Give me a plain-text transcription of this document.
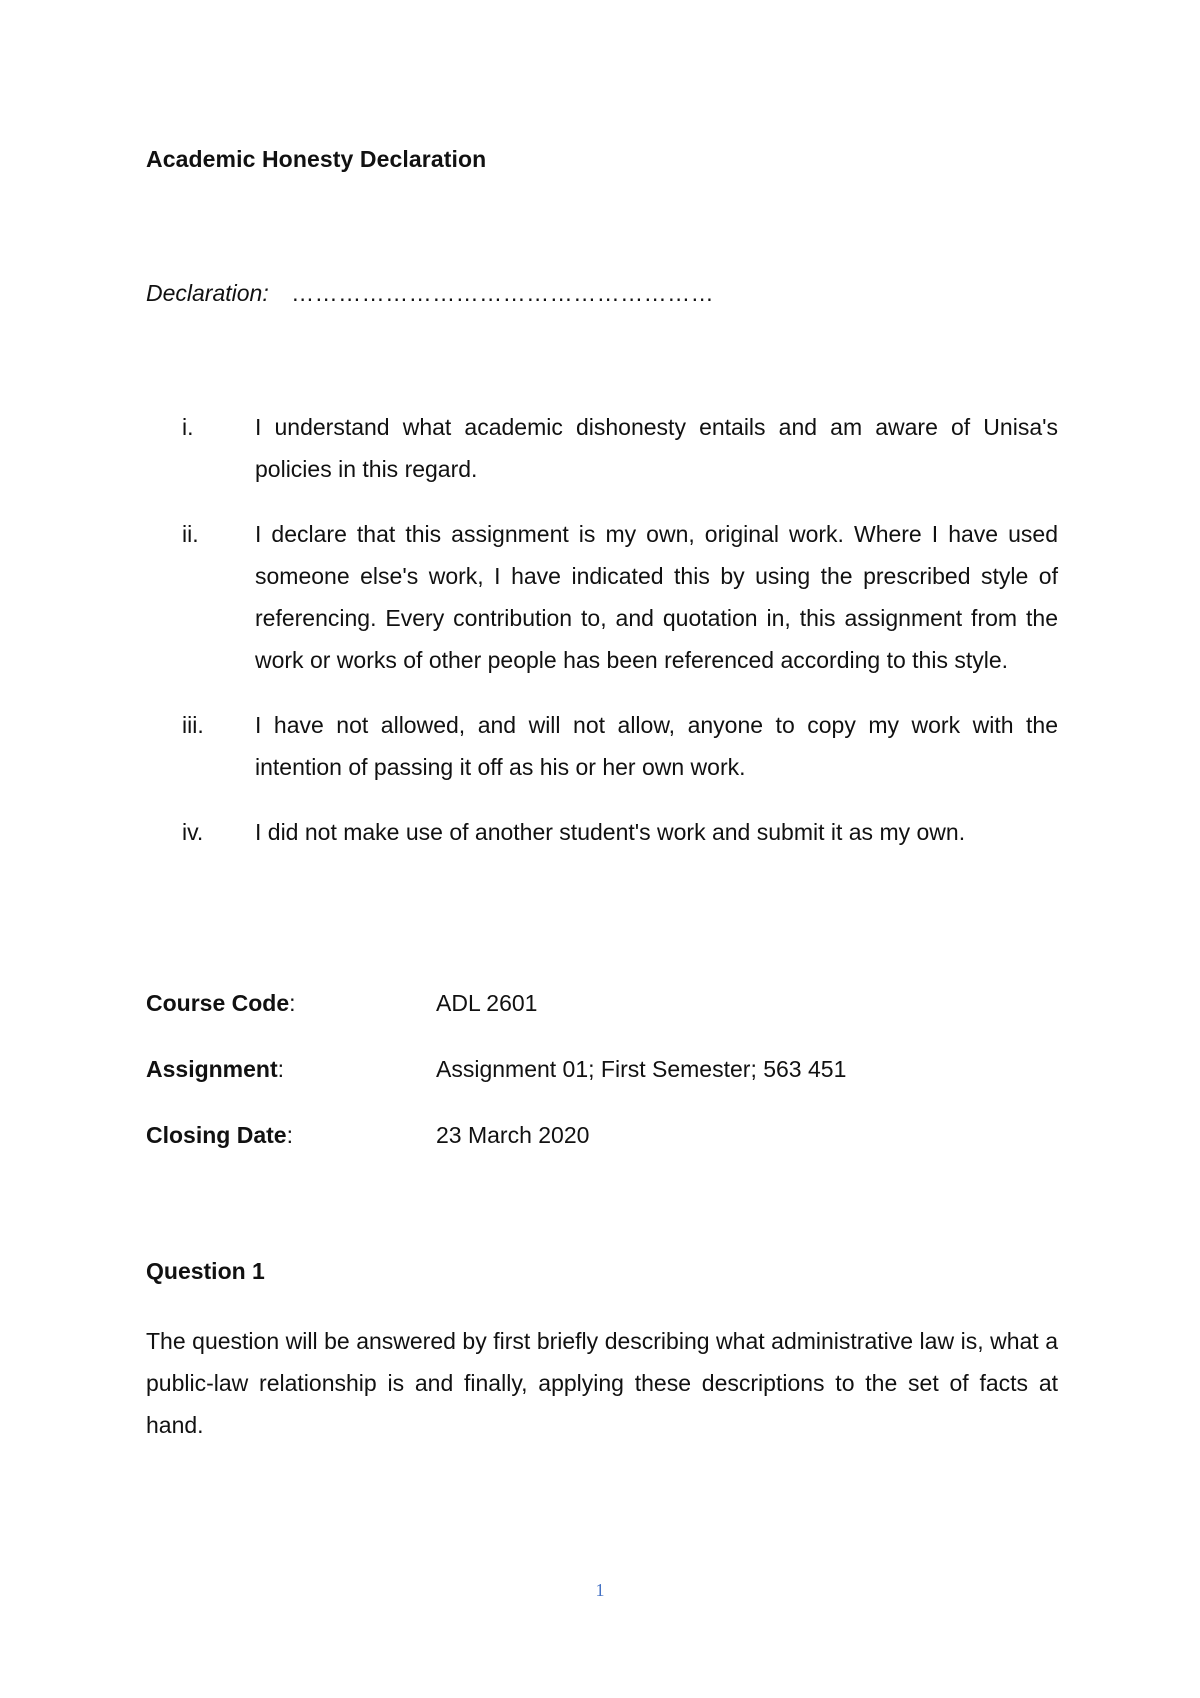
Academic Honesty Declaration
Declaration: ………………………………………………
i.	I understand what academic dishonesty entails and am aware of Unisa's policies in this regard.
ii. I declare that this assignment is my own, original work. Where I have used someone else's work, I have indicated this by using the prescribed style of referencing. Every contribution to, and quotation in, this assignment from the work or works of other people has been referenced according to this style.
iii. I have not allowed, and will not allow, anyone to copy my work with the intention of passing it off as his or her own work.
iv. I did not make use of another student's work and submit it as my own.
Course Code:	ADL 2601
Assignment:	Assignment 01; First Semester; 563 451
Closing Date:	23 March 2020
Question 1

The question will be answered by first briefly describing what administrative law is, what a public-law relationship is and finally, applying these descriptions to the set of facts at hand.

1
